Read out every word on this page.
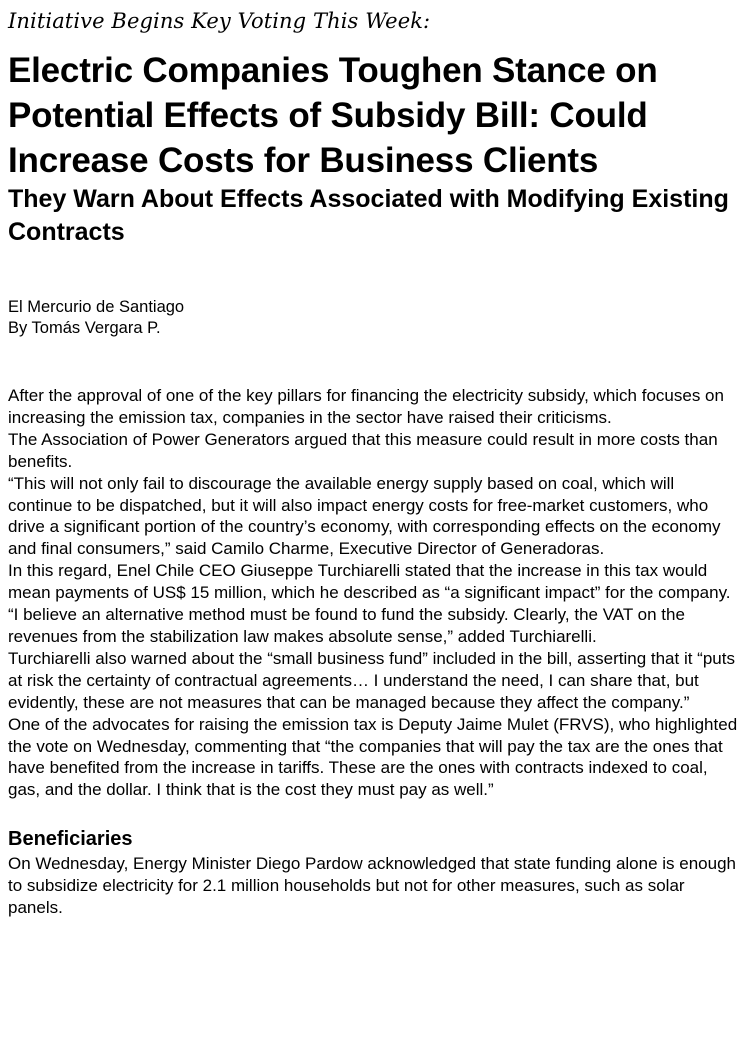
Initiative Begins Key Voting This Week:

Electric Companies Toughen Stance on Potential Effects of Subsidy Bill: Could Increase Costs for Business Clients
They Warn About Effects Associated with Modifying Existing Contracts
El Mercurio de Santiago
By Tomás Vergara P.

After the approval of one of the key pillars for financing the electricity subsidy, which focuses on increasing the emission tax, companies in the sector have raised their criticisms.

The Association of Power Generators argued that this measure could result in more costs than benefits.

“This will not only fail to discourage the available energy supply based on coal, which will continue to be dispatched, but it will also impact energy costs for free-market customers, who drive a significant portion of the country’s economy, with corresponding effects on the economy and final consumers,” said Camilo Charme, Executive Director of Generadoras.

In this regard, Enel Chile CEO Giuseppe Turchiarelli stated that the increase in this tax would mean payments of US$ 15 million, which he described as “a significant impact” for the company.

“I believe an alternative method must be found to fund the subsidy. Clearly, the VAT on the revenues from the stabilization law makes absolute sense,” added Turchiarelli.

Turchiarelli also warned about the “small business fund” included in the bill, asserting that it “puts at risk the certainty of contractual agreements… I understand the need, I can share that, but evidently, these are not measures that can be managed because they affect the company.”

One of the advocates for raising the emission tax is Deputy Jaime Mulet (FRVS), who highlighted the vote on Wednesday, commenting that “the companies that will pay the tax are the ones that have benefited from the increase in tariffs. These are the ones with contracts indexed to coal, gas, and the dollar. I think that is the cost they must pay as well.”

Beneficiaries

On Wednesday, Energy Minister Diego Pardow acknowledged that state funding alone is enough to subsidize electricity for 2.1 million households but not for other measures, such as solar panels.
